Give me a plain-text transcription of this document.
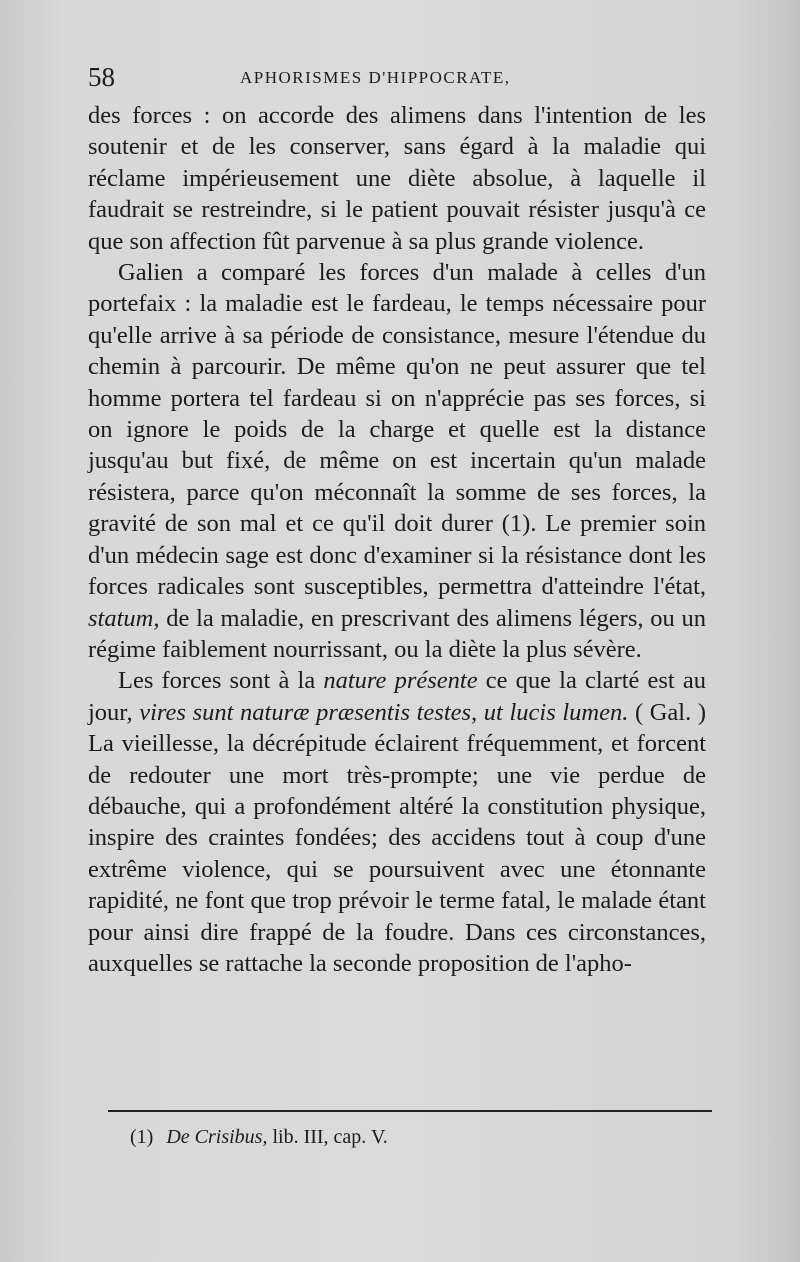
58	APHORISMES D'HIPPOCRATE,

des forces : on accorde des alimens dans l'intention de les soutenir et de les conserver, sans égard à la maladie qui réclame impérieusement une diète absolue, à laquelle il faudrait se restreindre, si le patient pouvait résister jusqu'à ce que son affection fût parvenue à sa plus grande violence.

Galien a comparé les forces d'un malade à celles d'un portefaix : la maladie est le fardeau, le temps nécessaire pour qu'elle arrive à sa période de consistance, mesure l'étendue du chemin à parcourir. De même qu'on ne peut assurer que tel homme portera tel fardeau si on n'apprécie pas ses forces, si on ignore le poids de la charge et quelle est la distance jusqu'au but fixé, de même on est incertain qu'un malade résistera, parce qu'on méconnaît la somme de ses forces, la gravité de son mal et ce qu'il doit durer (1). Le premier soin d'un médecin sage est donc d'examiner si la résistance dont les forces radicales sont susceptibles, permettra d'atteindre l'état, statum, de la maladie, en prescrivant des alimens légers, ou un régime faiblement nourrissant, ou la diète la plus sévère.

Les forces sont à la nature présente ce que la clarté est au jour, vires sunt naturæ præsentis testes, ut lucis lumen. ( Gal. ) La vieillesse, la décrépitude éclairent fréquemment, et forcent de redouter une mort très-prompte; une vie perdue de débauche, qui a profondément altéré la constitution physique, inspire des craintes fondées; des accidens tout à coup d'une extrême violence, qui se poursuivent avec une étonnante rapidité, ne font que trop prévoir le terme fatal, le malade étant pour ainsi dire frappé de la foudre. Dans ces circonstances, auxquelles se rattache la seconde proposition de l'apho-

(1) De Crisibus, lib. III, cap. V.
